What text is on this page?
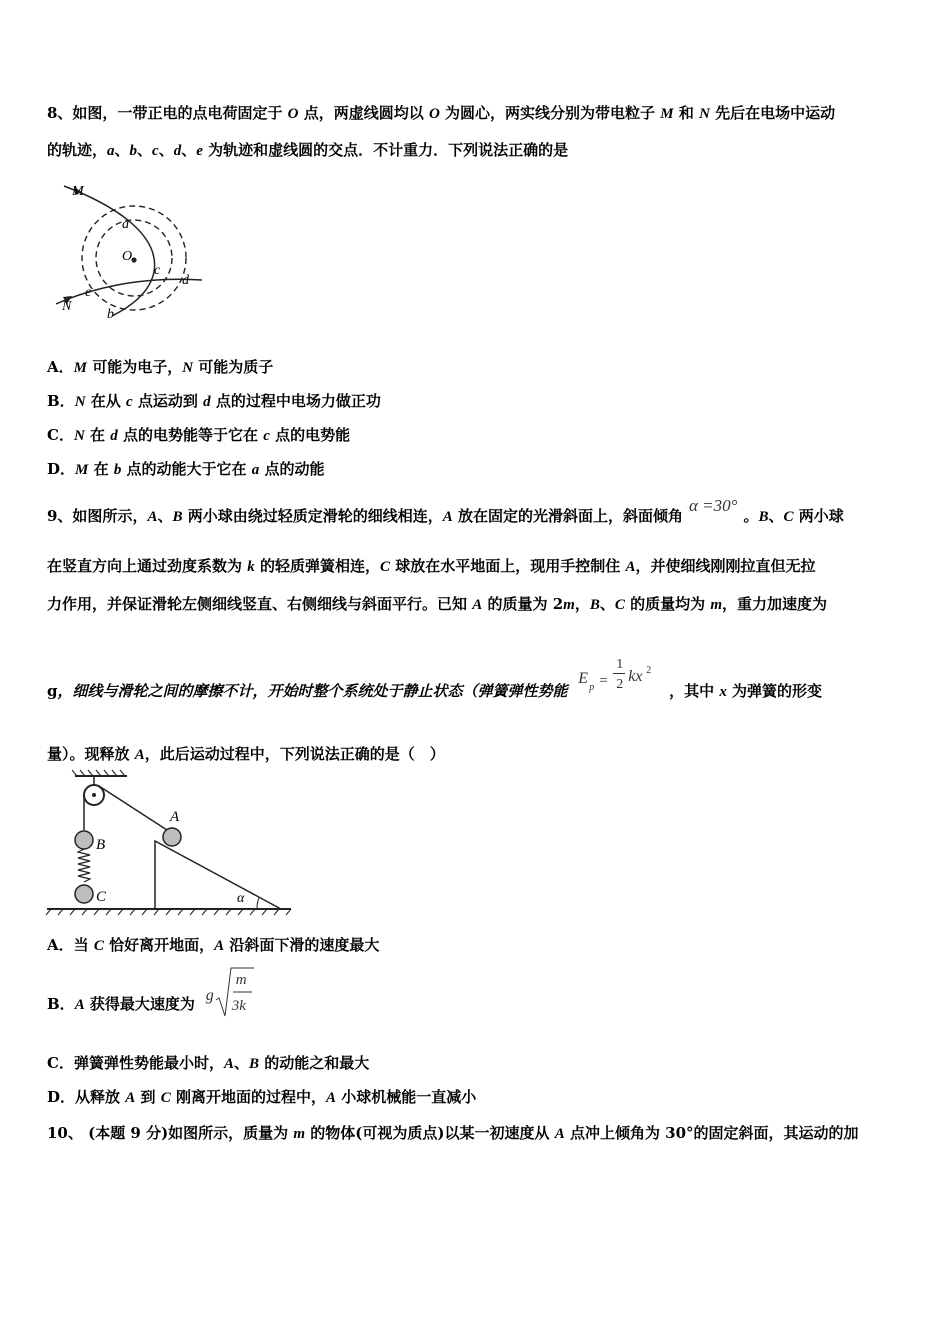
8、如图，一带正电的点电荷固定于 O 点，两虚线圆均以 O 为圆心，两实线分别为带电粒子 M 和 N 先后在电场中运动
的轨迹，a、b、c、d、e 为轨迹和虚线圆的交点．不计重力．下列说法正确的是
M
N
O
a
b
c
d
e
A．M 可能为电子，N 可能为质子
B．N 在从 c 点运动到 d 点的过程中电场力做正功
C．N 在 d 点的电势能等于它在 c 点的电势能
D．M 在 b 点的动能大于它在 a 点的动能
9、如图所示，A、B 两小球由绕过轻质定滑轮的细线相连，A 放在固定的光滑斜面上，斜面倾角α =30°。B、C 两小球
在竖直方向上通过劲度系数为 k 的轻质弹簧相连，C 球放在水平地面上，现用手控制住 A，并使细线刚刚拉直但无拉
力作用，并保证滑轮左侧细线竖直、右侧细线与斜面平行。已知 A 的质量为 2m，B、C 的质量均为 m，重力加速度为
g，细线与滑轮之间的摩擦不计，开始时整个系统处于静止状态（弹簧弹性势能
E
p =
1
2 kx 2
，其中 x 为弹簧的形变
量）。现释放 A，此后运动过程中，下列说法正确的是（　）
A
B
C	α
A．当 C 恰好离开地面，A 沿斜面下滑的速度最大
B．A 获得最大速度为 g
m
3k
C．弹簧弹性势能最小时，A、B 的动能之和最大
D．从释放 A 到 C 刚离开地面的过程中，A 小球机械能一直减小
10、 (本题 9 分)如图所示，质量为 m 的物体(可视为质点)以某一初速度从 A 点冲上倾角为 30°的固定斜面，其运动的加
